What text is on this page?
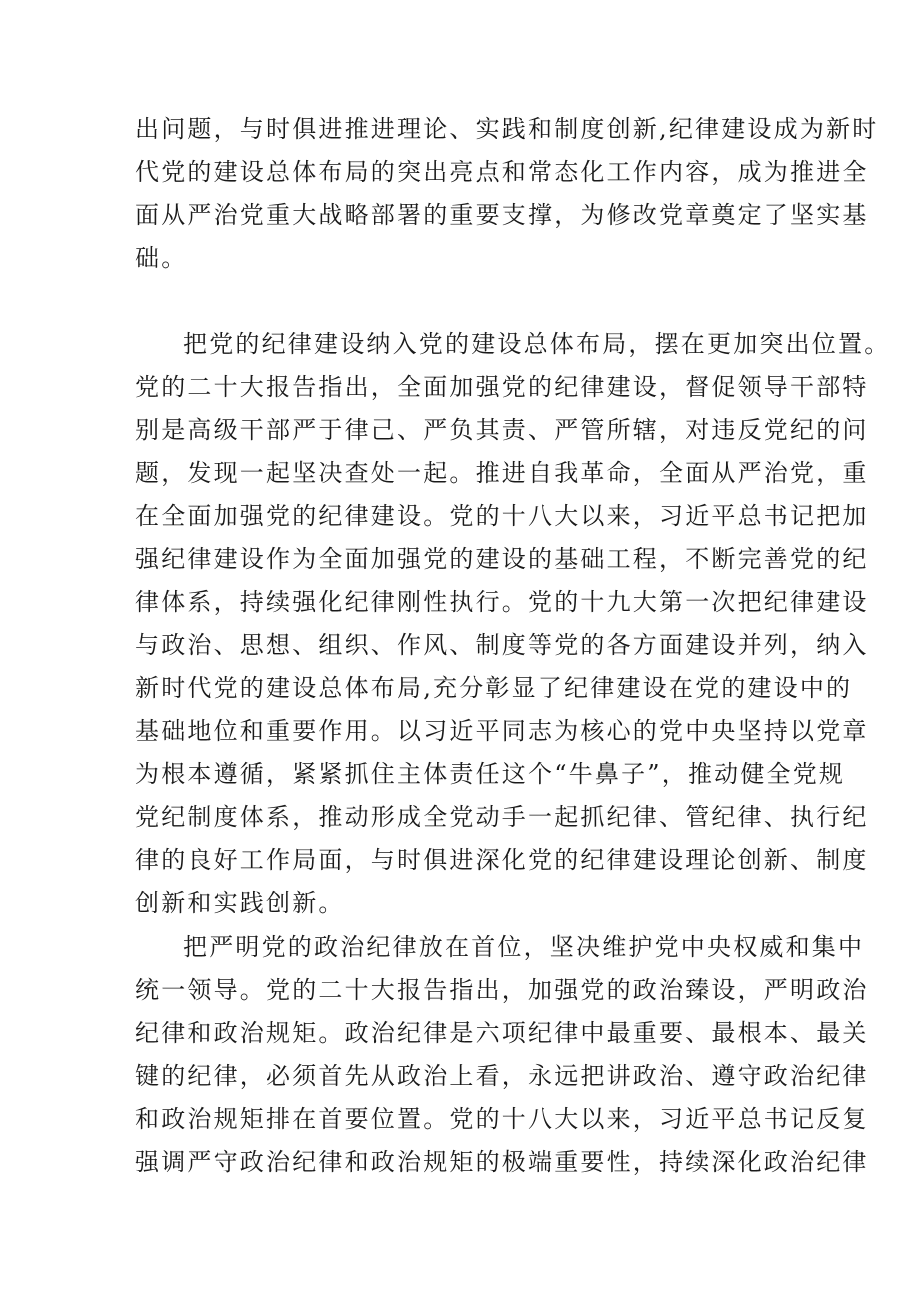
出问题，与时俱进推进理论、实践和制度创新,纪律建设成为新时
代党的建设总体布局的突出亮点和常态化工作内容，成为推进全
面从严治党重大战略部署的重要支撑，为修改党章奠定了坚实基
础。
把党的纪律建设纳入党的建设总体布局，摆在更加突出位置。
党的二十大报告指出，全面加强党的纪律建设，督促领导干部特
别是高级干部严于律己、严负其责、严管所辖，对违反党纪的问
题，发现一起坚决查处一起。推进自我革命，全面从严治党，重
在全面加强党的纪律建设。党的十八大以来，习近平总书记把加
强纪律建设作为全面加强党的建设的基础工程，不断完善党的纪
律体系，持续强化纪律刚性执行。党的十九大第一次把纪律建设
与政治、思想、组织、作风、制度等党的各方面建设并列，纳入
新时代党的建设总体布局,充分彰显了纪律建设在党的建设中的
基础地位和重要作用。以习近平同志为核心的党中央坚持以党章
为根本遵循，紧紧抓住主体责任这个“牛鼻子”，推动健全党规
党纪制度体系，推动形成全党动手一起抓纪律、管纪律、执行纪
律的良好工作局面，与时俱进深化党的纪律建设理论创新、制度
创新和实践创新。
把严明党的政治纪律放在首位，坚决维护党中央权威和集中
统一领导。党的二十大报告指出，加强党的政治臻设，严明政治
纪律和政治规矩。政治纪律是六项纪律中最重要、最根本、最关
键的纪律，必须首先从政治上看，永远把讲政治、遵守政治纪律
和政治规矩排在首要位置。党的十八大以来，习近平总书记反复
强调严守政治纪律和政治规矩的极端重要性，持续深化政治纪律
